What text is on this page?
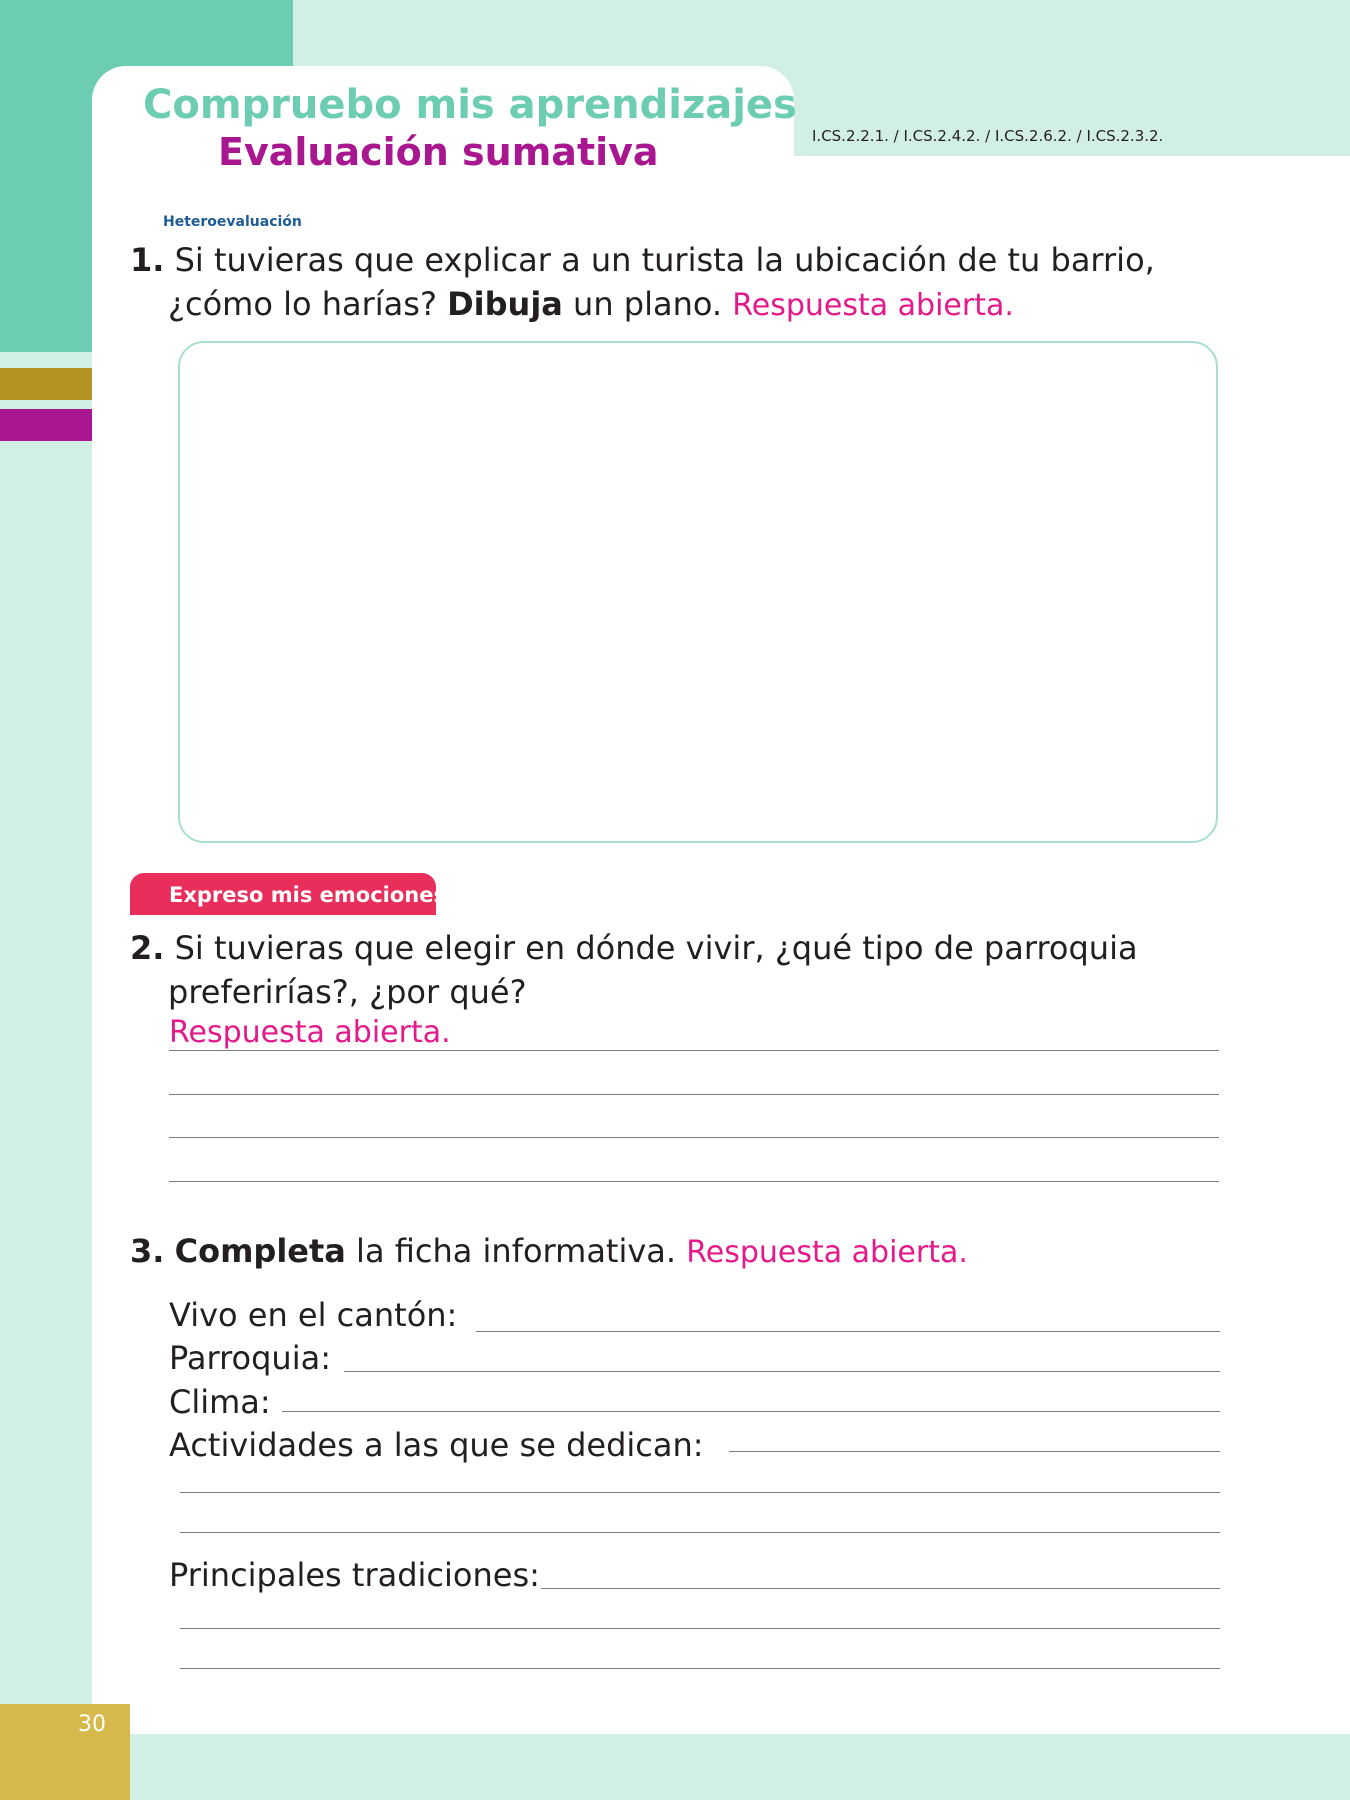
30
Compruebo mis aprendizajes
Evaluación sumativa	I.CS.2.2.1. / I.CS.2.4.2. / I.CS.2.6.2. / I.CS.2.3.2.
Heteroevaluación
1. Si tuvieras que explicar a un turista la ubicación de tu barrio,
¿cómo lo harías? Dibuja un plano. Respuesta abierta.
Expreso mis emociones
2. Si tuvieras que elegir en dónde vivir, ¿qué tipo de parroquia
preferirías?, ¿por qué?
Respuesta abierta.
3. Completa la ficha informativa. Respuesta abierta.
Vivo en el cantón:
Parroquia:
Clima:
Actividades a las que se dedican:
Principales tradiciones:
